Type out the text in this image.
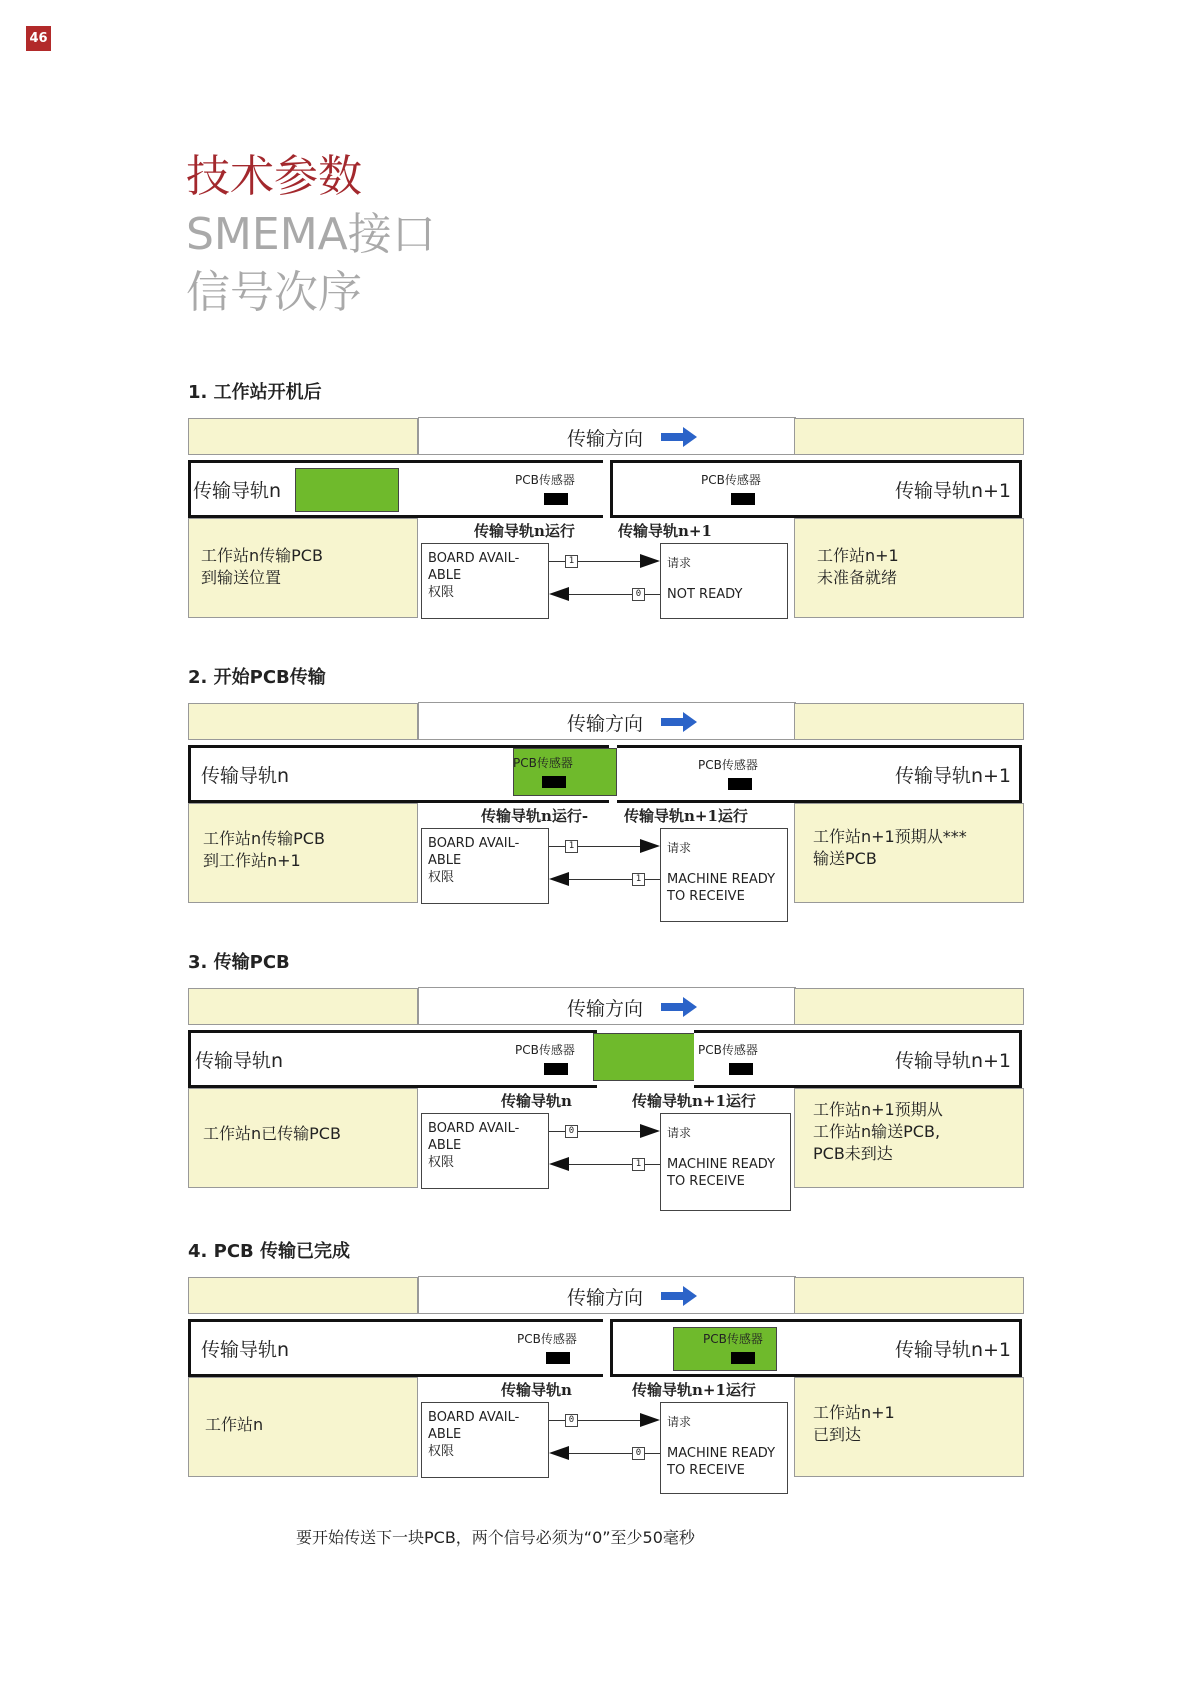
46
技术参数
SMEMA接口
信号次序
1. 工作站开机后
传输方向
传输导轨n	PCB传感器	PCB传感器	传输导轨n+1
传输导轨n运行	传输导轨n+1
工作站n传输PCB
到输送位置
BOARD AVAIL-
ABLE
权限

请求

NOT READY

1
0
工作站n+1
未准备就绪
2. 开始PCB传输
传输方向
传输导轨n
PCB传感器	PCB传感器	传输导轨n+1
传输导轨n运行- 传输导轨n+1运行
工作站n传输PCB
到工作站n+1
BOARD AVAIL-
ABLE
权限

请求

MACHINE READY
TO RECEIVE

1
1
工作站n+1预期从***
输送PCB
3. 传输PCB
传输方向
传输导轨n	PCB传感器	PCB传感器	传输导轨n+1
传输导轨n	传输导轨n+1运行
工作站n已传输PCB	BOARD AVAIL-
ABLE
权限

请求

MACHINE READY
TO RECEIVE

0
1
工作站n+1预期从
工作站n输送PCB,
PCB未到达
4. PCB 传输已完成
传输方向
传输导轨n	PCB传感器	PCB传感器	传输导轨n+1
传输导轨n	传输导轨n+1运行
工作站n	BOARD AVAIL-
ABLE
权限

请求

MACHINE READY
TO RECEIVE

0
0
工作站n+1
已到达
要开始传送下一块PCB，两个信号必须为“0”至少50毫秒
